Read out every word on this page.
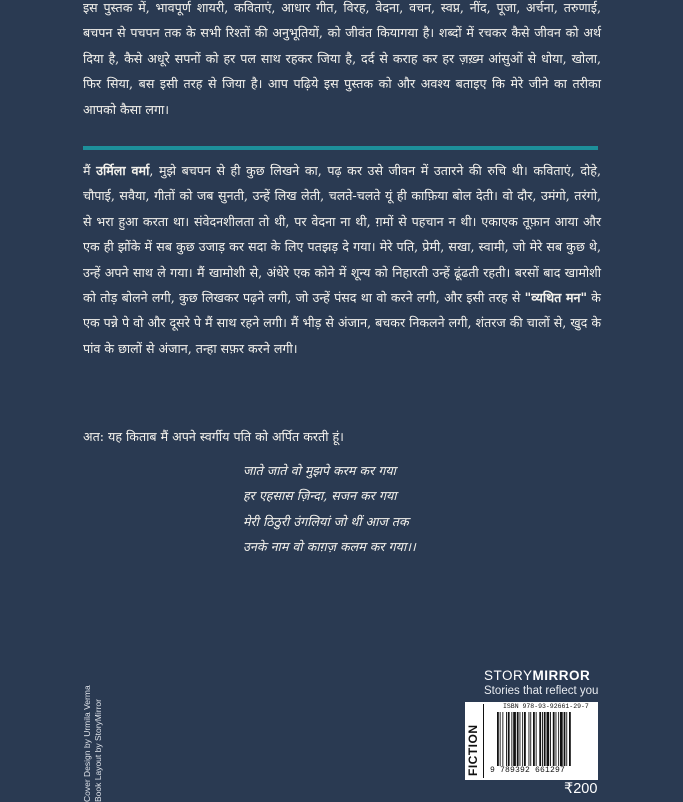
इस पुस्तक में, भावपूर्ण शायरी, कविताएं, आधार गीत, विरह, वेदना, वचन, स्वप्न, नींद, पूजा, अर्चना, तरुणाई, बचपन से पचपन तक के सभी रिश्तों की अनुभूतियों, को जीवंत कियागया है। शब्दों में रचकर कैसे जीवन को अर्थ दिया है, कैसे अधूरे सपनों को हर पल साथ रहकर जिया है, दर्द से कराह कर हर ज़ख़्म आंसुओं से धोया, खोला, फिर सिया, बस इसी तरह से जिया है। आप पढ़िये इस पुस्तक को और अवश्य बताइए कि मेरे जीने का तरीका आपको कैसा लगा।

मैं उर्मिला वर्मा, मुझे बचपन से ही कुछ लिखने का, पढ़ कर उसे जीवन में उतारने की रुचि थी। कविताएं, दोहे, चौपाई, सवैया, गीतों को जब सुनती, उन्हें लिख लेती, चलते-चलते यूं ही काफ़िया बोल देती। वो दौर, उमंगो, तरंगो, से भरा हुआ करता था। संवेदनशीलता तो थी, पर वेदना ना थी, ग़मों से पहचान न थी। एकाएक तूफ़ान आया और एक ही झोंके में सब कुछ उजाड़ कर सदा के लिए पतझड़ दे गया। मेरे पति, प्रेमी, सखा, स्वामी, जो मेरे सब कुछ थे, उन्हें अपने साथ ले गया। मैं खामोशी से, अंधेरे एक कोने में शून्य को निहारती उन्हें ढूंढती रहती। बरसों बाद खामोशी को तोड़ बोलने लगी, कुछ लिखकर पढ़ने लगी, जो उन्हें पंसद था वो करने लगी, और इसी तरह से "व्यथित मन" के एक पन्ने पे वो और दूसरे पे मैं साथ रहने लगी। मैं भीड़ से अंजान, बचकर निकलने लगी, शंतरज की चालों से, खुद के पांव के छालों से अंजान, तन्हा सफ़र करने लगी।

अत: यह किताब मैं अपने स्वर्गीय पति को अर्पित करती हूं।

जाते जाते वो मुझपे करम कर गया
हर एहसास ज़िन्दा, सजन कर गया
मेरी ठिठुरी उंगलियां जो थीं आज तक
उनके नाम वो काग़ज़ कलम कर गया।।
Cover Design by Urmila Verma Book Layout by StoryMirror
STORYMIRROR
Stories that reflect you
FICTION
ISBN 978-93-92661-29-7
9 789392 661297
₹200
